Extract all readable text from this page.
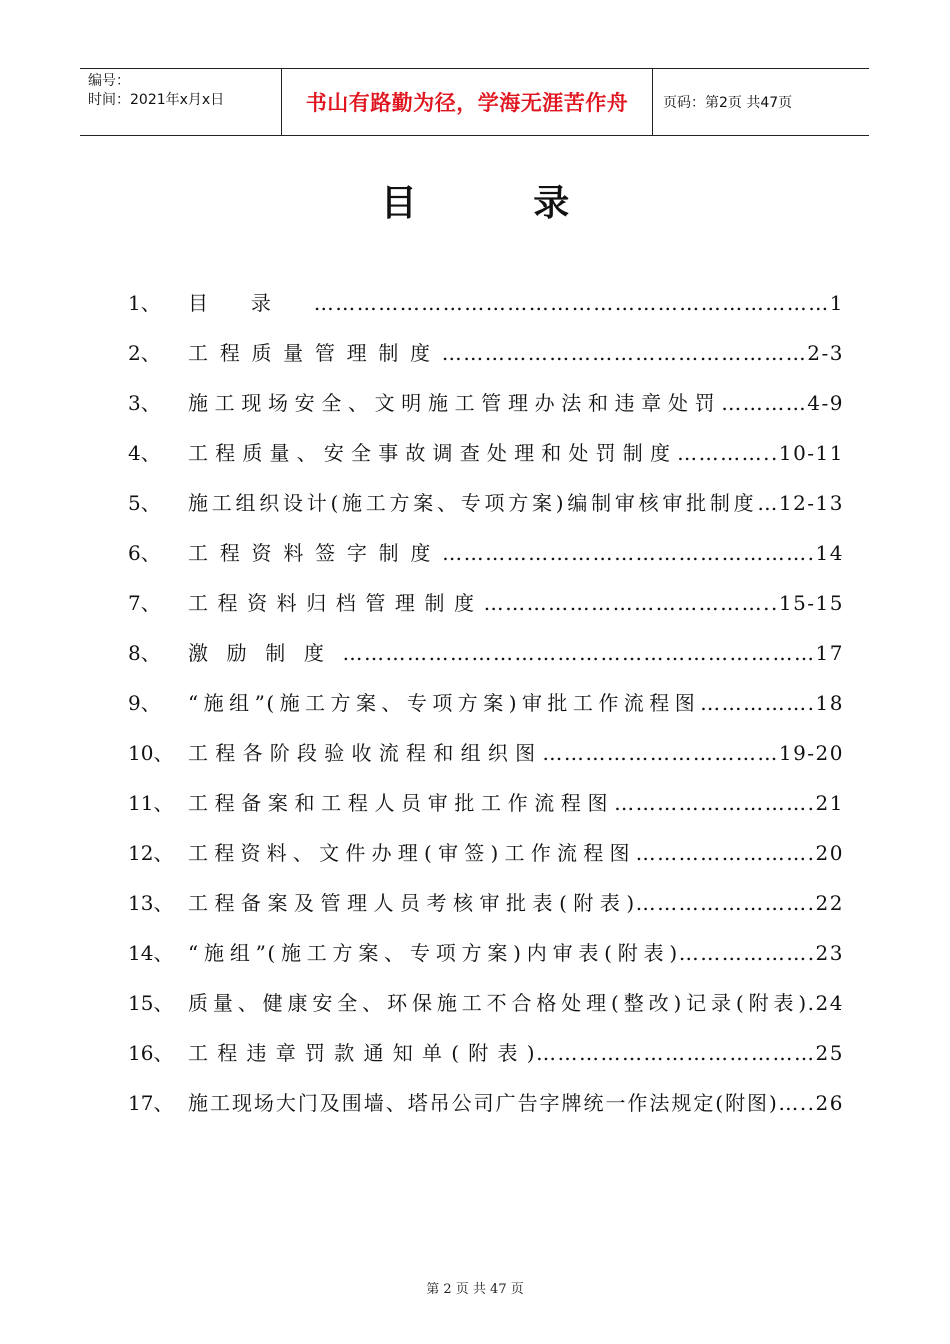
编号：
时间：2021年x月x日	书山有路勤为径，学海无涯苦作舟 页码：第2页 共47页
目 录
1、	目录………………………………………………………………1
2、	工程质量管理制度……………………………………………2-3
3、	施工现场安全、文明施工管理办法和违章处罚…………4-9
4、	工程质量、安全事故调查处理和处罚制度…………..10-11
5、	施工组织设计(施工方案、专项方案)编制审核审批制度…12-13
6、	工程资料签字制度…………………………………………….14
7、	工程资料归档管理制度…………………………………..15-15
8、	激励制度…………………………………………………………17
9、	“施组”(施工方案、专项方案)审批工作流程图…………….18
10、 工程各阶段验收流程和组织图……………………………19-20
11、 工程备案和工程人员审批工作流程图……………………….21
12、 工程资料、文件办理(审签)工作流程图…………………….20
13、 工程备案及管理人员考核审批表(附表)…………………….22
14、 “施组”(施工方案、专项方案)内审表(附表)……………….23
15、 质量、健康安全、环保施工不合格处理(整改)记录(附表).24
16、 工程违章罚款通知单(附表)…………………………………25
17、 施工现场大门及围墙、塔吊公司广告字牌统一作法规定(附图)…..26
第 2 页 共 47 页
